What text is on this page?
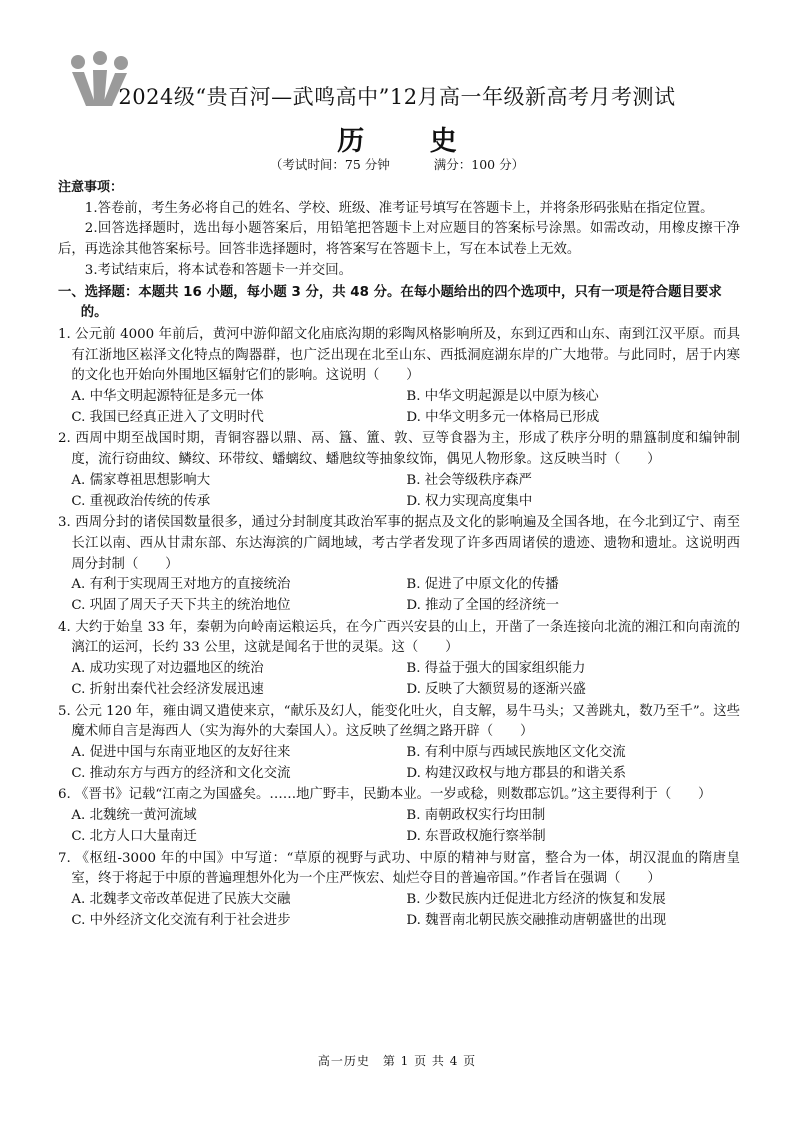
2024级“贵百河—武鸣高中”12月高一年级新高考月考测试
历 史
（考试时间：75 分钟	满分：100 分）
注意事项：
1.答卷前，考生务必将自己的姓名、学校、班级、准考证号填写在答题卡上，并将条形码张贴在指定位置。
2.回答选择题时，选出每小题答案后，用铅笔把答题卡上对应题目的答案标号涂黑。如需改动，用橡皮擦干净后，再选涂其他答案标号。回答非选择题时，将答案写在答题卡上，写在本试卷上无效。
3.考试结束后，将本试卷和答题卡一并交回。
一、选择题：本题共 16 小题，每小题 3 分，共 48 分。在每小题给出的四个选项中，只有一项是符合题目要求的。
1. 公元前 4000 年前后，黄河中游仰韶文化庙底沟期的彩陶风格影响所及，东到辽西和山东、南到江汉平原。而具有江浙地区崧泽文化特点的陶器群，也广泛出现在北至山东、西抵洞庭湖东岸的广大地带。与此同时，居于内寒的文化也开始向外围地区辐射它们的影响。这说明（　　）
A. 中华文明起源特征是多元一体	B. 中华文明起源是以中原为核心
C. 我国已经真正进入了文明时代	D. 中华文明多元一体格局已形成
2. 西周中期至战国时期，青铜容器以鼎、鬲、簋、簠、敦、豆等食器为主，形成了秩序分明的鼎簋制度和编钟制度，流行窃曲纹、鳞纹、环带纹、蟠螭纹、蟠虺纹等抽象纹饰，偶见人物形象。这反映当时（　　）
A. 儒家尊祖思想影响大	B. 社会等级秩序森严
C. 重视政治传统的传承	D. 权力实现高度集中
3. 西周分封的诸侯国数量很多，通过分封制度其政治军事的据点及文化的影响遍及全国各地，在今北到辽宁、南至长江以南、西从甘肃东部、东达海滨的广阔地域，考古学者发现了许多西周诸侯的遗迹、遗物和遗址。这说明西周分封制（　　）
A. 有利于实现周王对地方的直接统治	B. 促进了中原文化的传播
C. 巩固了周天子天下共主的统治地位	D. 推动了全国的经济统一
4. 大约于始皇 33 年，秦朝为向岭南运粮运兵，在今广西兴安县的山上，开凿了一条连接向北流的湘江和向南流的漓江的运河，长约 33 公里，这就是闻名于世的灵渠。这（　　）
A. 成功实现了对边疆地区的统治	B. 得益于强大的国家组织能力
C. 折射出秦代社会经济发展迅速	D. 反映了大额贸易的逐渐兴盛
5. 公元 120 年，雍由调又遣使来京，“献乐及幻人，能变化吐火，自支解，易牛马头；又善跳丸，数乃至千”。这些魔术师自言是海西人（实为海外的大秦国人）。这反映了丝绸之路开辟（　　）
A. 促进中国与东南亚地区的友好往来	B. 有利中原与西域民族地区文化交流
C. 推动东方与西方的经济和文化交流	D. 构建汉政权与地方郡县的和谐关系
6. 《晋书》记载“江南之为国盛矣。……地广野丰，民勤本业。一岁或稔，则数郡忘饥。”这主要得利于（　　）
A. 北魏统一黄河流域	B. 南朝政权实行均田制
C. 北方人口大量南迁	D. 东晋政权施行察举制
7. 《枢纽-3000 年的中国》中写道：“草原的视野与武功、中原的精神与财富，整合为一体，胡汉混血的隋唐皇室，终于将起于中原的普遍理想外化为一个庄严恢宏、灿烂夺目的普遍帝国。”作者旨在强调（　　）
A. 北魏孝文帝改革促进了民族大交融	B. 少数民族内迁促进北方经济的恢复和发展
C. 中外经济文化交流有利于社会进步	D. 魏晋南北朝民族交融推动唐朝盛世的出现
高一历史　第 1 页 共 4 页
